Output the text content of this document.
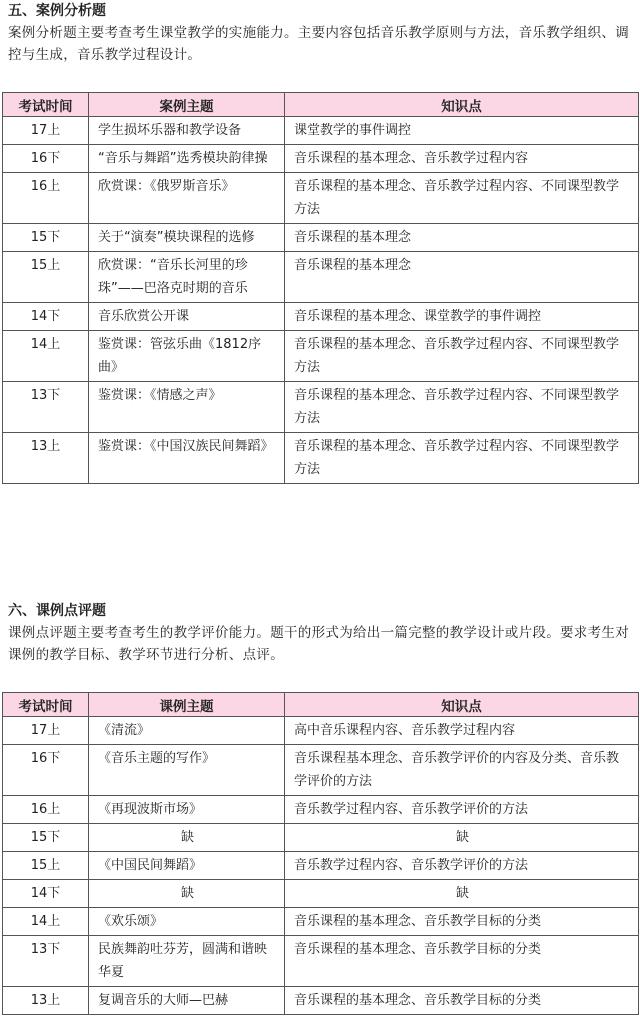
五、案例分析题
案例分析题主要考查考生课堂教学的实施能力。主要内容包括音乐教学原则与方法，音乐教学组织、调控与生成，音乐教学过程设计。
考试时间	案例主题	知识点
17上	学生损坏乐器和教学设备	课堂教学的事件调控
16下	“音乐与舞蹈”选秀模块韵律操	音乐课程的基本理念、音乐教学过程内容
16上	欣赏课：《俄罗斯音乐》	音乐课程的基本理念、音乐教学过程内容、不同课型教学方法
15下	关于“演奏”模块课程的选修	音乐课程的基本理念
15上	欣赏课：“音乐长河里的珍珠”——巴洛克时期的音乐	音乐课程的基本理念
14下	音乐欣赏公开课	音乐课程的基本理念、课堂教学的事件调控
14上	鉴赏课：管弦乐曲《1812序曲》	音乐课程的基本理念、音乐教学过程内容、不同课型教学方法
13下	鉴赏课：《情感之声》	音乐课程的基本理念、音乐教学过程内容、不同课型教学方法
13上	鉴赏课：《中国汉族民间舞蹈》	音乐课程的基本理念、音乐教学过程内容、不同课型教学方法
六、课例点评题
课例点评题主要考查考生的教学评价能力。题干的形式为给出一篇完整的教学设计或片段。要求考生对课例的教学目标、教学环节进行分析、点评。
考试时间	课例主题	知识点
17上	《清流》	高中音乐课程内容、音乐教学过程内容
16下	《音乐主题的写作》	音乐课程基本理念、音乐教学评价的内容及分类、音乐教学评价的方法
16上	《再现波斯市场》	音乐教学过程内容、音乐教学评价的方法
15下	缺	缺
15上	《中国民间舞蹈》	音乐教学过程内容、音乐教学评价的方法
14下	缺	缺
14上	《欢乐颂》	音乐课程的基本理念、音乐教学目标的分类
13下	民族舞韵吐芬芳，圆满和谐映华夏	音乐课程的基本理念、音乐教学目标的分类
13上	复调音乐的大师—巴赫	音乐课程的基本理念、音乐教学目标的分类
